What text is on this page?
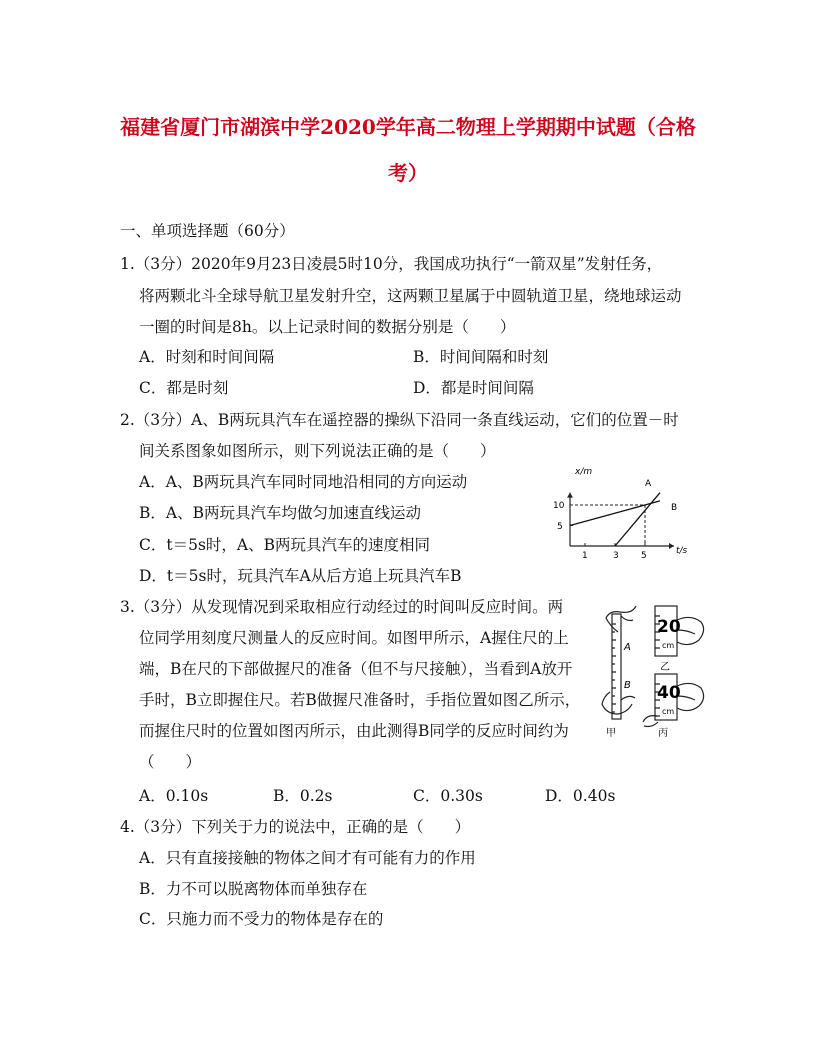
福建省厦门市湖滨中学2020学年高二物理上学期期中试题（合格
考）
一、单项选择题（60分）
1.（3分）2020年9月23日凌晨5时10分，我国成功执行“一箭双星”发射任务，
将两颗北斗全球导航卫星发射升空，这两颗卫星属于中圆轨道卫星，绕地球运动
一圈的时间是8h。以上记录时间的数据分别是（　　）
A．时刻和时间间隔	B．时间间隔和时刻
C．都是时刻	D．都是时间间隔
2.（3分）A、B两玩具汽车在遥控器的操纵下沿同一条直线运动，它们的位置－时
间关系图象如图所示，则下列说法正确的是（　　）
A．A、B两玩具汽车同时同地沿相同的方向运动
B．A、B两玩具汽车均做匀加速直线运动
C．t＝5s时，A、B两玩具汽车的速度相同
D．t＝5s时，玩具汽车A从后方追上玩具汽车B
x/m
t/s
10
5
1	3 5
A
B
3.（3分）从发现情况到采取相应行动经过的时间叫反应时间。两
位同学用刻度尺测量人的反应时间。如图甲所示，A握住尺的上
端，B在尺的下部做握尺的准备（但不与尺接触），当看到A放开
手时，B立即握住尺。若B做握尺准备时，手指位置如图乙所示，
而握住尺时的位置如图丙所示，由此测得B同学的反应时间约为
（　　）
A．0.10s	B．0.2s	C．0.30s	D．0.40s
A
B
甲
20
cm
乙
40
cm
丙
4.（3分）下列关于力的说法中，正确的是（　　）
A．只有直接接触的物体之间才有可能有力的作用
B．力不可以脱离物体而单独存在
C．只施力而不受力的物体是存在的
